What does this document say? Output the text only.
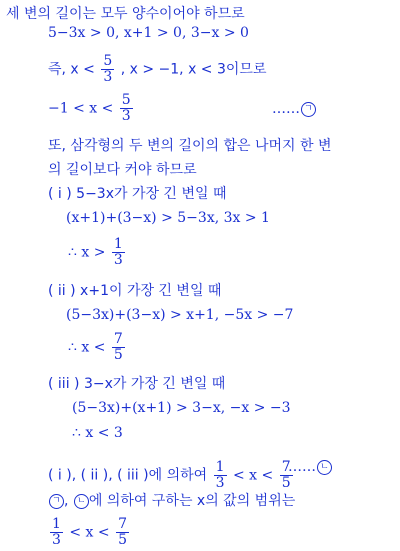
세 변의 길이는 모두 양수이어야 하므로
5−3x > 0, x+1 > 0, 3−x > 0
즉, $x < \frac{5}{3}$ , x > −1, x < 3이므로
$-1 < x < \frac{5}{3}$	…… ㄱ
또, 삼각형의 두 변의 길이의 합은 나머지 한 변
의 길이보다 커야 하므로
( i ) 5−3x가 가장 긴 변일 때
(x+1)+(3−x) > 5−3x, 3x > 1
∴ $x > \frac{1}{3}$
( ii ) x+1이 가장 긴 변일 때
(5−3x)+(3−x) > x+1, −5x > −7
∴ $x < \frac{7}{5}$
( iii ) 3−x가 가장 긴 변일 때
(5−3x)+(x+1) > 3−x, −x > −3
∴ x < 3
( i ), ( ii ), ( iii )에 의하여 $\frac{1}{3} < x < \frac{7}{5}$
…… ㄴ
ㄱ , ㄴ 에 의하여 구하는 x의 값의 범위는
$\frac{1}{3} < x < \frac{7}{5}$
